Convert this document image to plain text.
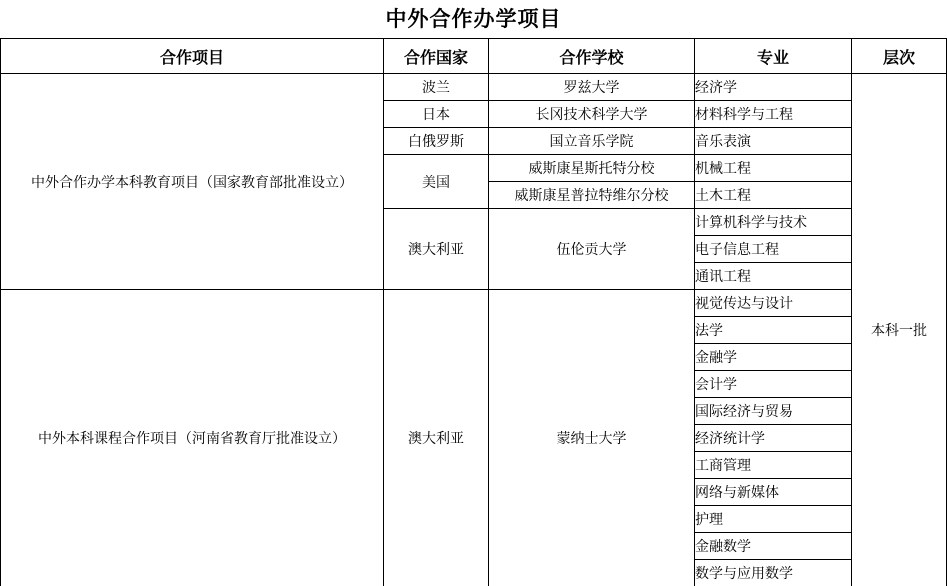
中外合作办学项目
合作项目	合作国家	合作学校	专业	层次
中外合作办学本科教育项目（国家教育部批准设立）	波兰	罗兹大学	经济学	本科一批
	日本	长冈技术科学大学	材料科学与工程	
	白俄罗斯	国立音乐学院	音乐表演	
	美国	威斯康星斯托特分校	机械工程	
		威斯康星普拉特维尔分校	土木工程	
	澳大利亚	伍伦贡大学	计算机科学与技术	
			电子信息工程	
			通讯工程	
中外本科课程合作项目（河南省教育厅批准设立）	澳大利亚	蒙纳士大学	视觉传达与设计	
			法学	
			金融学	
			会计学	
			国际经济与贸易	
			经济统计学	
			工商管理	
			网络与新媒体	
			护理	
			金融数学	
			数学与应用数学	
